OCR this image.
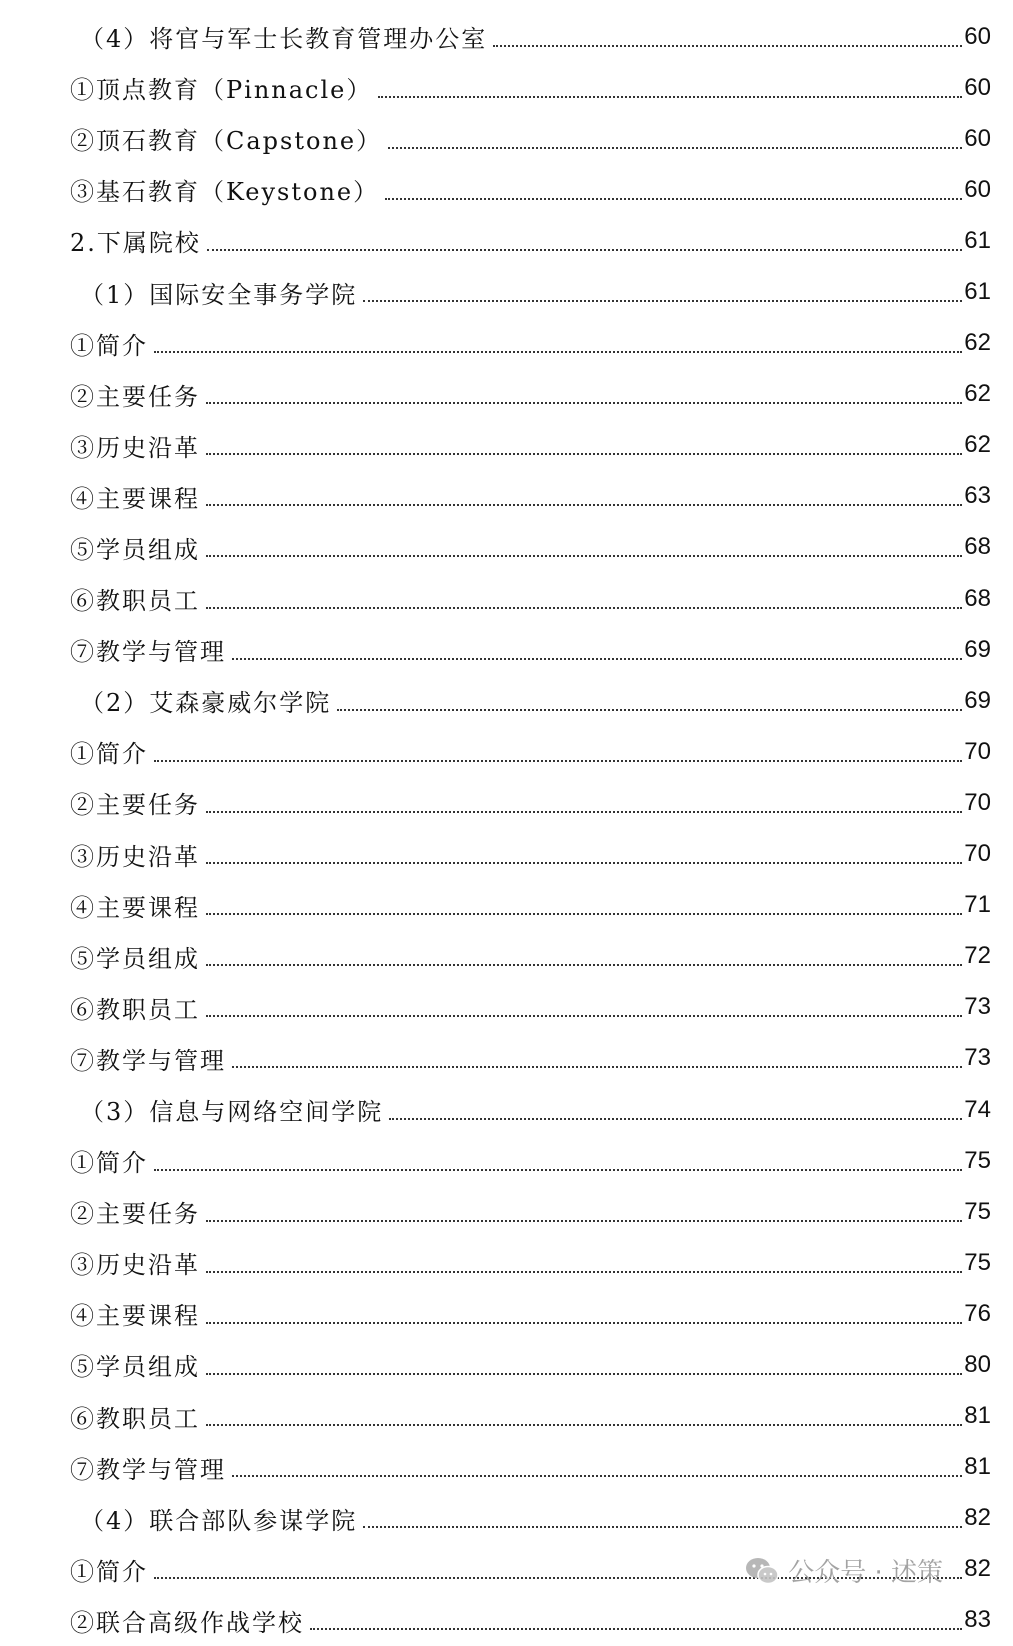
（4）将官与军士长教育管理办公室	60
①顶点教育（Pinnacle）	60
②顶石教育（Capstone）	60
③基石教育（Keystone）	60
2.下属院校	61
（1）国际安全事务学院	61
①简介	62
②主要任务	62
③历史沿革	62
④主要课程	63
⑤学员组成	68
⑥教职员工	68
⑦教学与管理	69
（2）艾森豪威尔学院	69
①简介	70
②主要任务	70
③历史沿革	70
④主要课程	71
⑤学员组成	72
⑥教职员工	73
⑦教学与管理	73
（3）信息与网络空间学院	74
①简介	75
②主要任务	75
③历史沿革	75
④主要课程	76
⑤学员组成	80
⑥教职员工	81
⑦教学与管理	81
（4）联合部队参谋学院	82
①简介	82
②联合高级作战学校	83
公众号 · 述策
